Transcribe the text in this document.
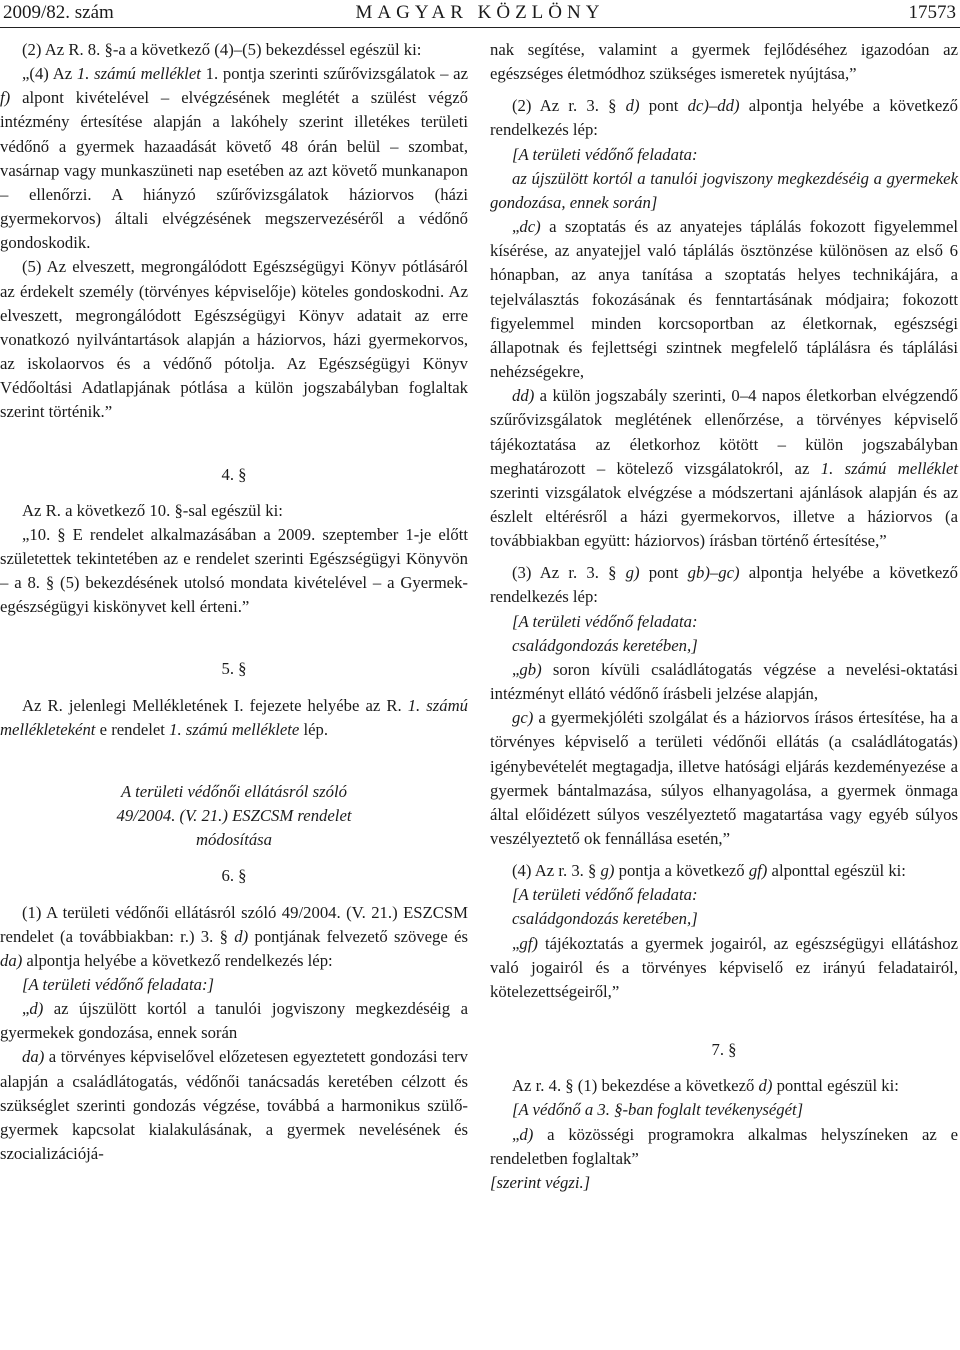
2009/82. szám	MAGYAR KÖZLÖNY	17573

(2) Az R. 8. §-a a következő (4)–(5) bekezdéssel egészül ki:

„(4) Az 1. számú melléklet 1. pontja szerinti szűrővizsgálatok – az f) alpont kivételével – elvégzésének meglétét a szülést végző intézmény értesítése alapján a lakóhely szerint illetékes területi védőnő a gyermek hazaadását követő 48 órán belül – szombat, vasárnap vagy munkaszüneti nap esetében az azt követő munkanapon – ellenőrzi. A hiányzó szűrővizsgálatok háziorvos (házi gyermekorvos) általi elvégzésének megszervezéséről a védőnő gondoskodik.

(5) Az elveszett, megrongálódott Egészségügyi Könyv pótlásáról az érdekelt személy (törvényes képviselője) köteles gondoskodni. Az elveszett, megrongálódott Egészségügyi Könyv adatait az erre vonatkozó nyilvántartások alapján a háziorvos, házi gyermekorvos, az iskolaorvos és a védőnő pótolja. Az Egészségügyi Könyv Védőoltási Adatlapjának pótlása a külön jogszabályban foglaltak szerint történik.”

4. §

Az R. a következő 10. §-sal egészül ki:

„10. § E rendelet alkalmazásában a 2009. szeptember 1-je előtt születettek tekintetében az e rendelet szerinti Egészségügyi Könyvön – a 8. § (5) bekezdésének utolsó mondata kivételével – a Gyermek-egészségügyi kiskönyvet kell érteni.”

5. §

Az R. jelenlegi Mellékletének I. fejezete helyébe az R. 1. számú mellékleteként e rendelet 1. számú melléklete lép.

A területi védőnői ellátásról szóló

49/2004. (V. 21.) ESZCSM rendelet

módosítása

6. §

(1) A területi védőnői ellátásról szóló 49/2004. (V. 21.) ESZCSM rendelet (a továbbiakban: r.) 3. § d) pontjának felvezető szövege és da) alpontja helyébe a következő rendelkezés lép:

[A területi védőnő feladata:]

„d) az újszülött kortól a tanulói jogviszony megkezdéséig a gyermekek gondozása, ennek során

da) a törvényes képviselővel előzetesen egyeztetett gondozási terv alapján a családlátogatás, védőnői tanácsadás keretében célzott és szükséglet szerinti gondozás végzése, továbbá a harmonikus szülő-gyermek kapcsolat kialakulásának, a gyermek nevelésének és szocializációjá-

nak segítése, valamint a gyermek fejlődéséhez igazodóan az egészséges életmódhoz szükséges ismeretek nyújtása,”

(2) Az r. 3. § d) pont dc)–dd) alpontja helyébe a következő rendelkezés lép:

[A területi védőnő feladata:

az újszülött kortól a tanulói jogviszony megkezdéséig a gyermekek gondozása, ennek során]

„dc) a szoptatás és az anyatejes táplálás fokozott figyelemmel kísérése, az anyatejjel való táplálás ösztönzése különösen az első 6 hónapban, az anya tanítása a szoptatás helyes technikájára, a tejelválasztás fokozásának és fenntartásának módjaira; fokozott figyelemmel minden korcsoportban az életkornak, egészségi állapotnak és fejlettségi szintnek megfelelő táplálásra és táplálási nehézségekre,

dd) a külön jogszabály szerinti, 0–4 napos életkorban elvégzendő szűrővizsgálatok meglétének ellenőrzése, a törvényes képviselő tájékoztatása az életkorhoz kötött – külön jogszabályban meghatározott – kötelező vizsgálatokról, az 1. számú melléklet szerinti vizsgálatok elvégzése a módszertani ajánlások alapján és az észlelt eltérésről a házi gyermekorvos, illetve a háziorvos (a továbbiakban együtt: háziorvos) írásban történő értesítése,”

(3) Az r. 3. § g) pont gb)–gc) alpontja helyébe a következő rendelkezés lép:

[A területi védőnő feladata:

családgondozás keretében,]

„gb) soron kívüli családlátogatás végzése a nevelési-oktatási intézményt ellátó védőnő írásbeli jelzése alapján,

gc) a gyermekjóléti szolgálat és a háziorvos írásos értesítése, ha a törvényes képviselő a területi védőnői ellátás (a családlátogatás) igénybevételét megtagadja, illetve hatósági eljárás kezdeményezése a gyermek bántalmazása, súlyos elhanyagolása, a gyermek önmaga által előidézett súlyos veszélyeztető magatartása vagy egyéb súlyos veszélyeztető ok fennállása esetén,”

(4) Az r. 3. § g) pontja a következő gf) alponttal egészül ki:

[A területi védőnő feladata:

családgondozás keretében,]

„gf) tájékoztatás a gyermek jogairól, az egészségügyi ellátáshoz való jogairól és a törvényes képviselő ez irányú feladatairól, kötelezettségeiről,”

7. §

Az r. 4. § (1) bekezdése a következő d) ponttal egészül ki:

[A védőnő a 3. §-ban foglalt tevékenységét]

„d) a közösségi programokra alkalmas helyszíneken az e rendeletben foglaltak”

[szerint végzi.]
